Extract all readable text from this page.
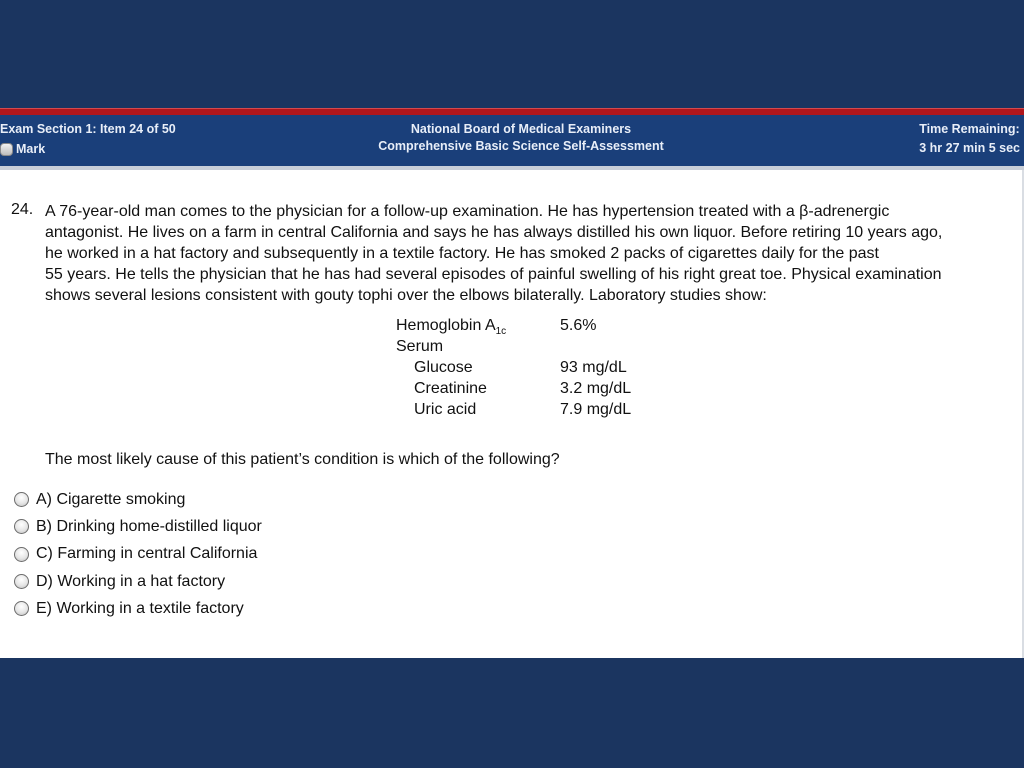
Exam Section 1: Item 24 of 50
Mark
National Board of Medical Examiners
Comprehensive Basic Science Self-Assessment
Time Remaining:
3 hr 27 min 5 sec
24. A 76-year-old man comes to the physician for a follow-up examination. He has hypertension treated with a β-adrenergic

antagonist. He lives on a farm in central California and says he has always distilled his own liquor. Before retiring 10 years ago,

he worked in a hat factory and subsequently in a textile factory. He has smoked 2 packs of cigarettes daily for the past

55 years. He tells the physician that he has had several episodes of painful swelling of his right great toe. Physical examination

shows several lesions consistent with gouty tophi over the elbows bilaterally. Laboratory studies show:

Hemoglobin $A_{1c}$	5.6%
Serum
Glucose	93 mg/dL
Creatinine	3.2 mg/dL
Uric acid	7.9 mg/dL
The most likely cause of this patient’s condition is which of the following?
A) Cigarette smoking
B) Drinking home-distilled liquor
C) Farming in central California
D) Working in a hat factory
E) Working in a textile factory
